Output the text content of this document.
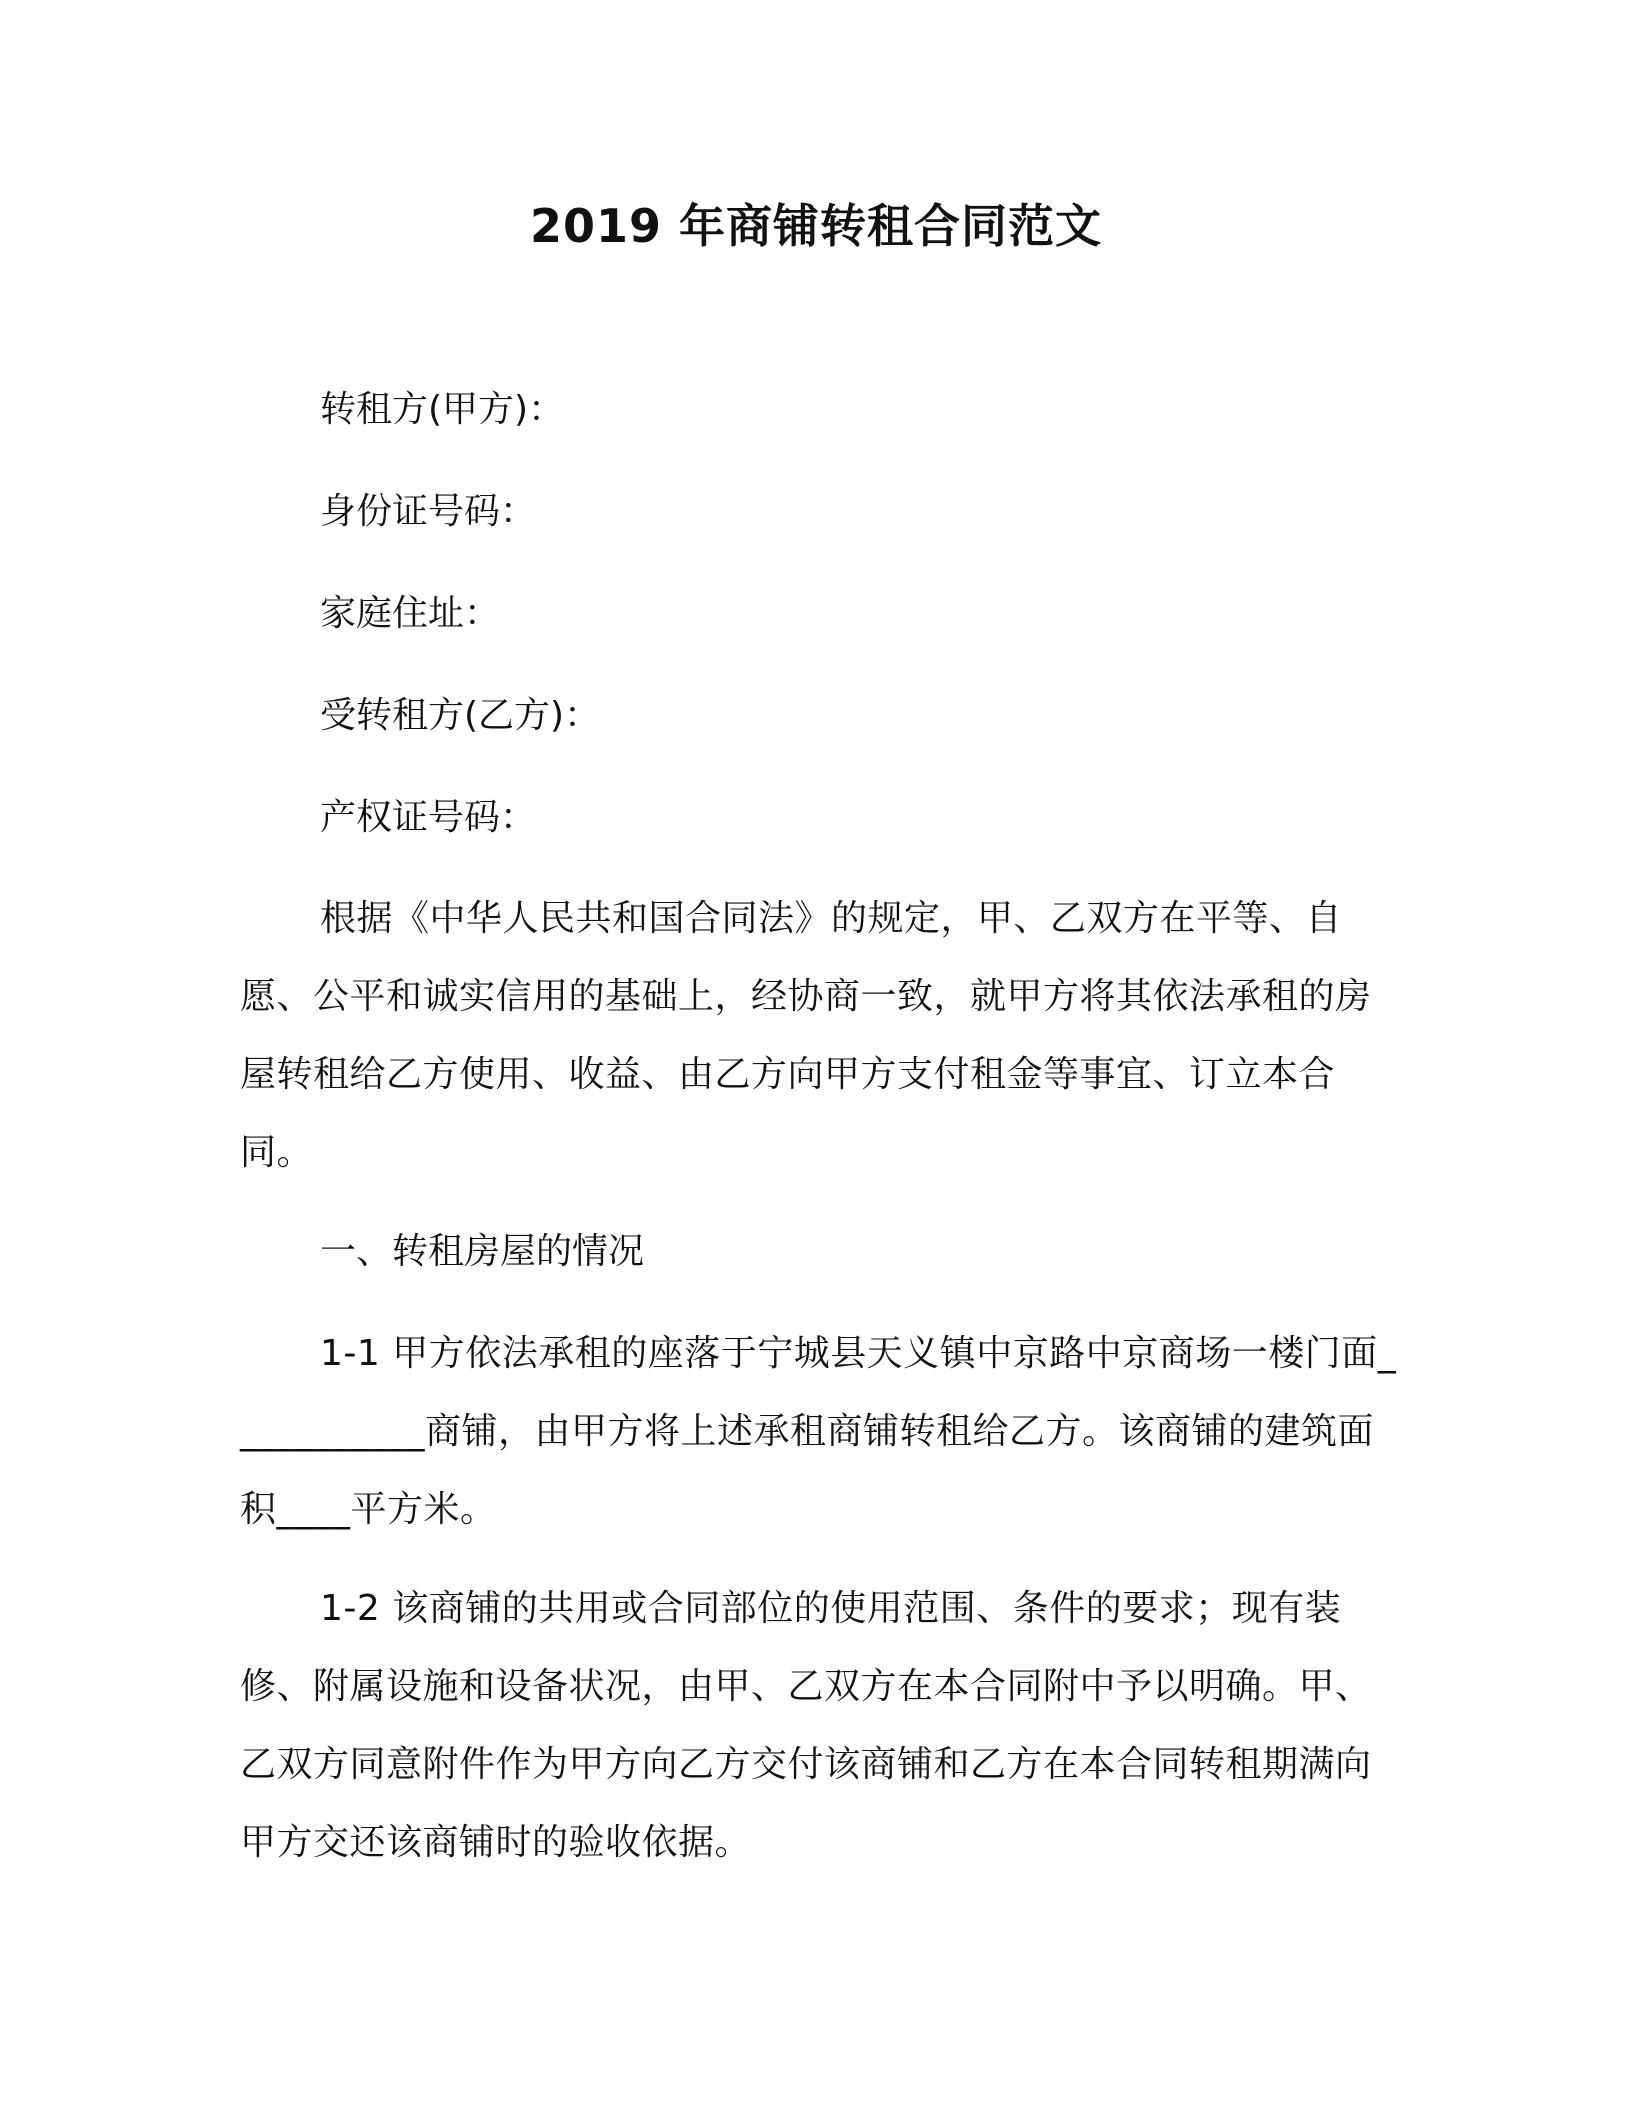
2019 年商铺转租合同范文
转租方(甲方)：
身份证号码：
家庭住址：
受转租方(乙方)：
产权证号码：
根据《中华人民共和国合同法》的规定，甲、乙双方在平等、自愿、公平和诚实信用的基础上，经协商一致，就甲方将其依法承租的房屋转租给乙方使用、收益、由乙方向甲方支付租金等事宜、订立本合同。
一、转租房屋的情况
1-1 甲方依法承租的座落于宁城县天义镇中京路中京商场一楼门面___________商铺，由甲方将上述承租商铺转租给乙方。该商铺的建筑面积____平方米。
1-2 该商铺的共用或合同部位的使用范围、条件的要求；现有装修、附属设施和设备状况，由甲、乙双方在本合同附中予以明确。甲、乙双方同意附件作为甲方向乙方交付该商铺和乙方在本合同转租期满向甲方交还该商铺时的验收依据。
